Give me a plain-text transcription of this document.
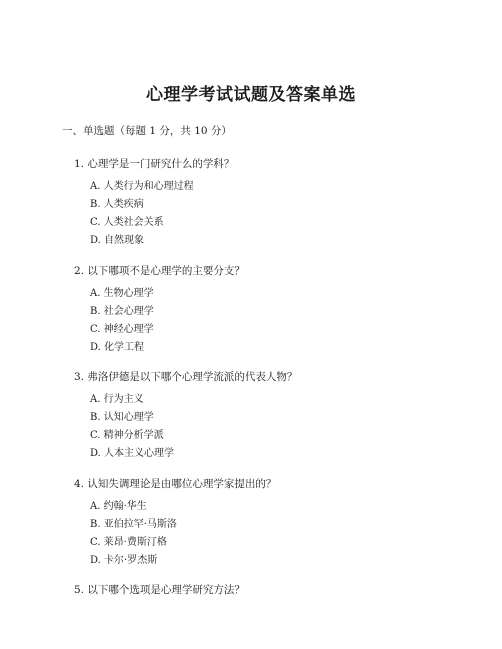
心理学考试试题及答案单选
一、单选题（每题 1 分，共 10 分）
1. 心理学是一门研究什么的学科？
A. 人类行为和心理过程
B. 人类疾病
C. 人类社会关系
D. 自然现象
2. 以下哪项不是心理学的主要分支？
A. 生物心理学
B. 社会心理学
C. 神经心理学
D. 化学工程
3. 弗洛伊德是以下哪个心理学流派的代表人物？
A. 行为主义
B. 认知心理学
C. 精神分析学派
D. 人本主义心理学
4. 认知失调理论是由哪位心理学家提出的？
A. 约翰·华生
B. 亚伯拉罕·马斯洛
C. 莱昂·费斯汀格
D. 卡尔·罗杰斯
5. 以下哪个选项是心理学研究方法？
